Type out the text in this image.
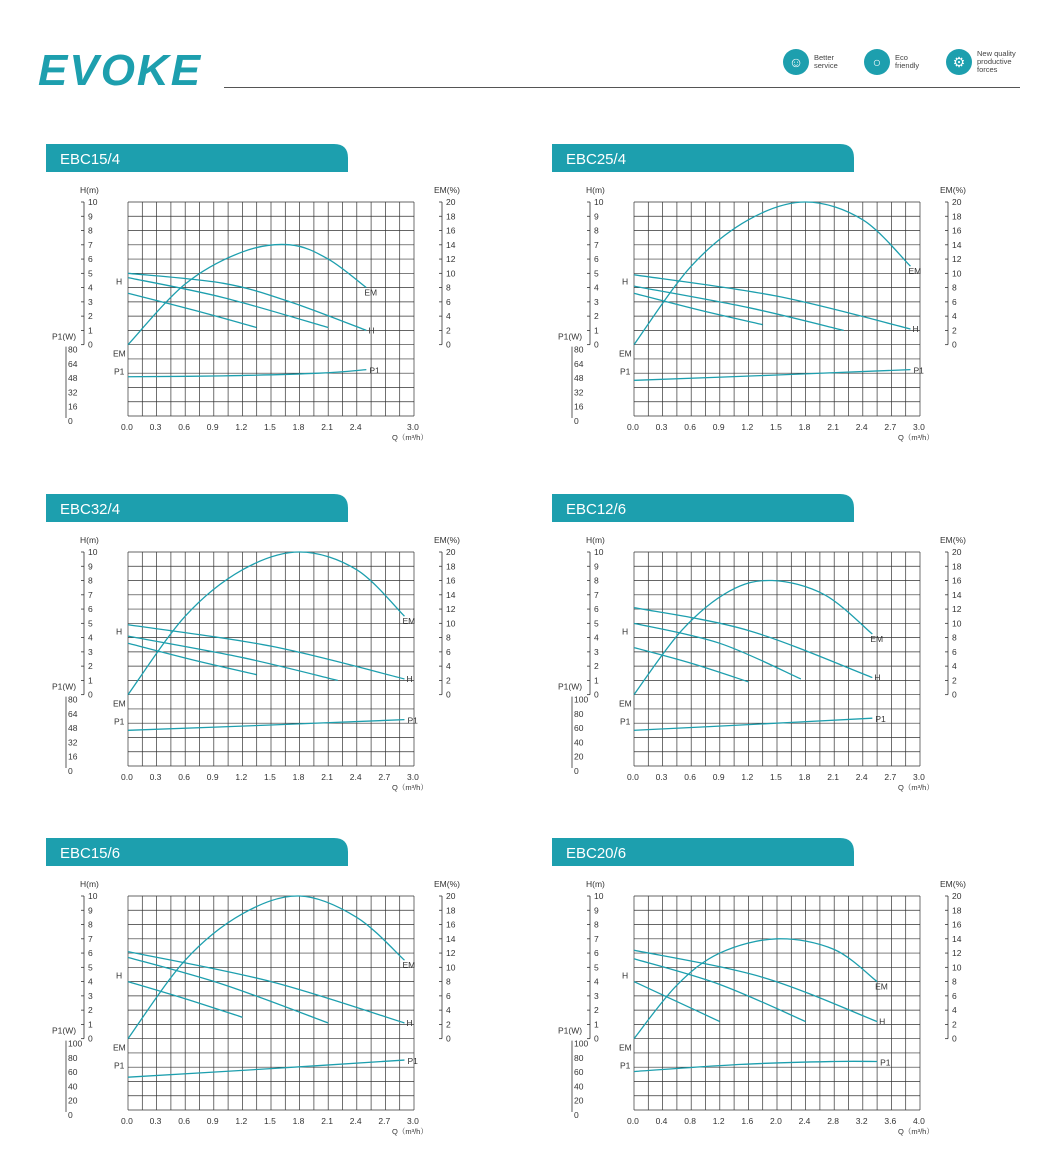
EVOKE	☺	Better
service	○	Eco
friendly	⚙	New quality
productive
forces
EBC15/4
H(m)
10
9
8
7
6
5
4
3
2
1
0
P1(W)
80
64
48
32
16
0
EM(%)
20
18
16
14
12
10
8
6
4
2
0
0.0 0.3 0.6 0.9 1.2 1.5 1.8 2.1 2.4	3.0
Q（m³/h）
H
H
EM
EM
P1
P1
EBC25/4
H(m)
10
9
8
7
6
5
4
3
2
1
0
P1(W)
80
64
48
32
16
0
EM(%)
20
18
16
14
12
10
8
6
4
2
0
0.0 0.3 0.6 0.9 1.2 1.5 1.8 2.1 2.4 2.7 3.0
Q（m³/h）
H
H
EM
EM
P1
P1
EBC32/4
H(m)
10
9
8
7
6
5
4
3
2
1
0
P1(W)
80
64
48
32
16
0
EM(%)
20
18
16
14
12
10
8
6
4
2
0
0.0 0.3 0.6 0.9 1.2 1.5 1.8 2.1 2.4 2.7 3.0
Q（m³/h）
H
H
EM
EM
P1
P1
EBC12/6
H(m)
10
9
8
7
6
5
4
3
2
1
0
P1(W)
100
80
60
40
20
0
EM(%)
20
18
16
14
12
10
8
6
4
2
0
0.0 0.3 0.6 0.9 1.2 1.5 1.8 2.1 2.4 2.7 3.0
Q（m³/h）
H
H
EM
EM
P1
P1
EBC15/6
H(m)
10
9
8
7
6
5
4
3
2
1
0
P1(W)
100
80
60
40
20
0
EM(%)
20
18
16
14
12
10
8
6
4
2
0
0.0 0.3 0.6 0.9 1.2 1.5 1.8 2.1 2.4 2.7 3.0
Q（m³/h）
H
H
EM
EM
P1
P1
EBC20/6
H(m)
10
9
8
7
6
5
4
3
2
1
0
P1(W)
100
80
60
40
20
0
EM(%)
20
18
16
14
12
10
8
6
4
2
0
0.0 0.4 0.8 1.2 1.6 2.0 2.4 2.8 3.2 3.6 4.0
Q（m³/h）
H
H
EM
EM
P1
P1
